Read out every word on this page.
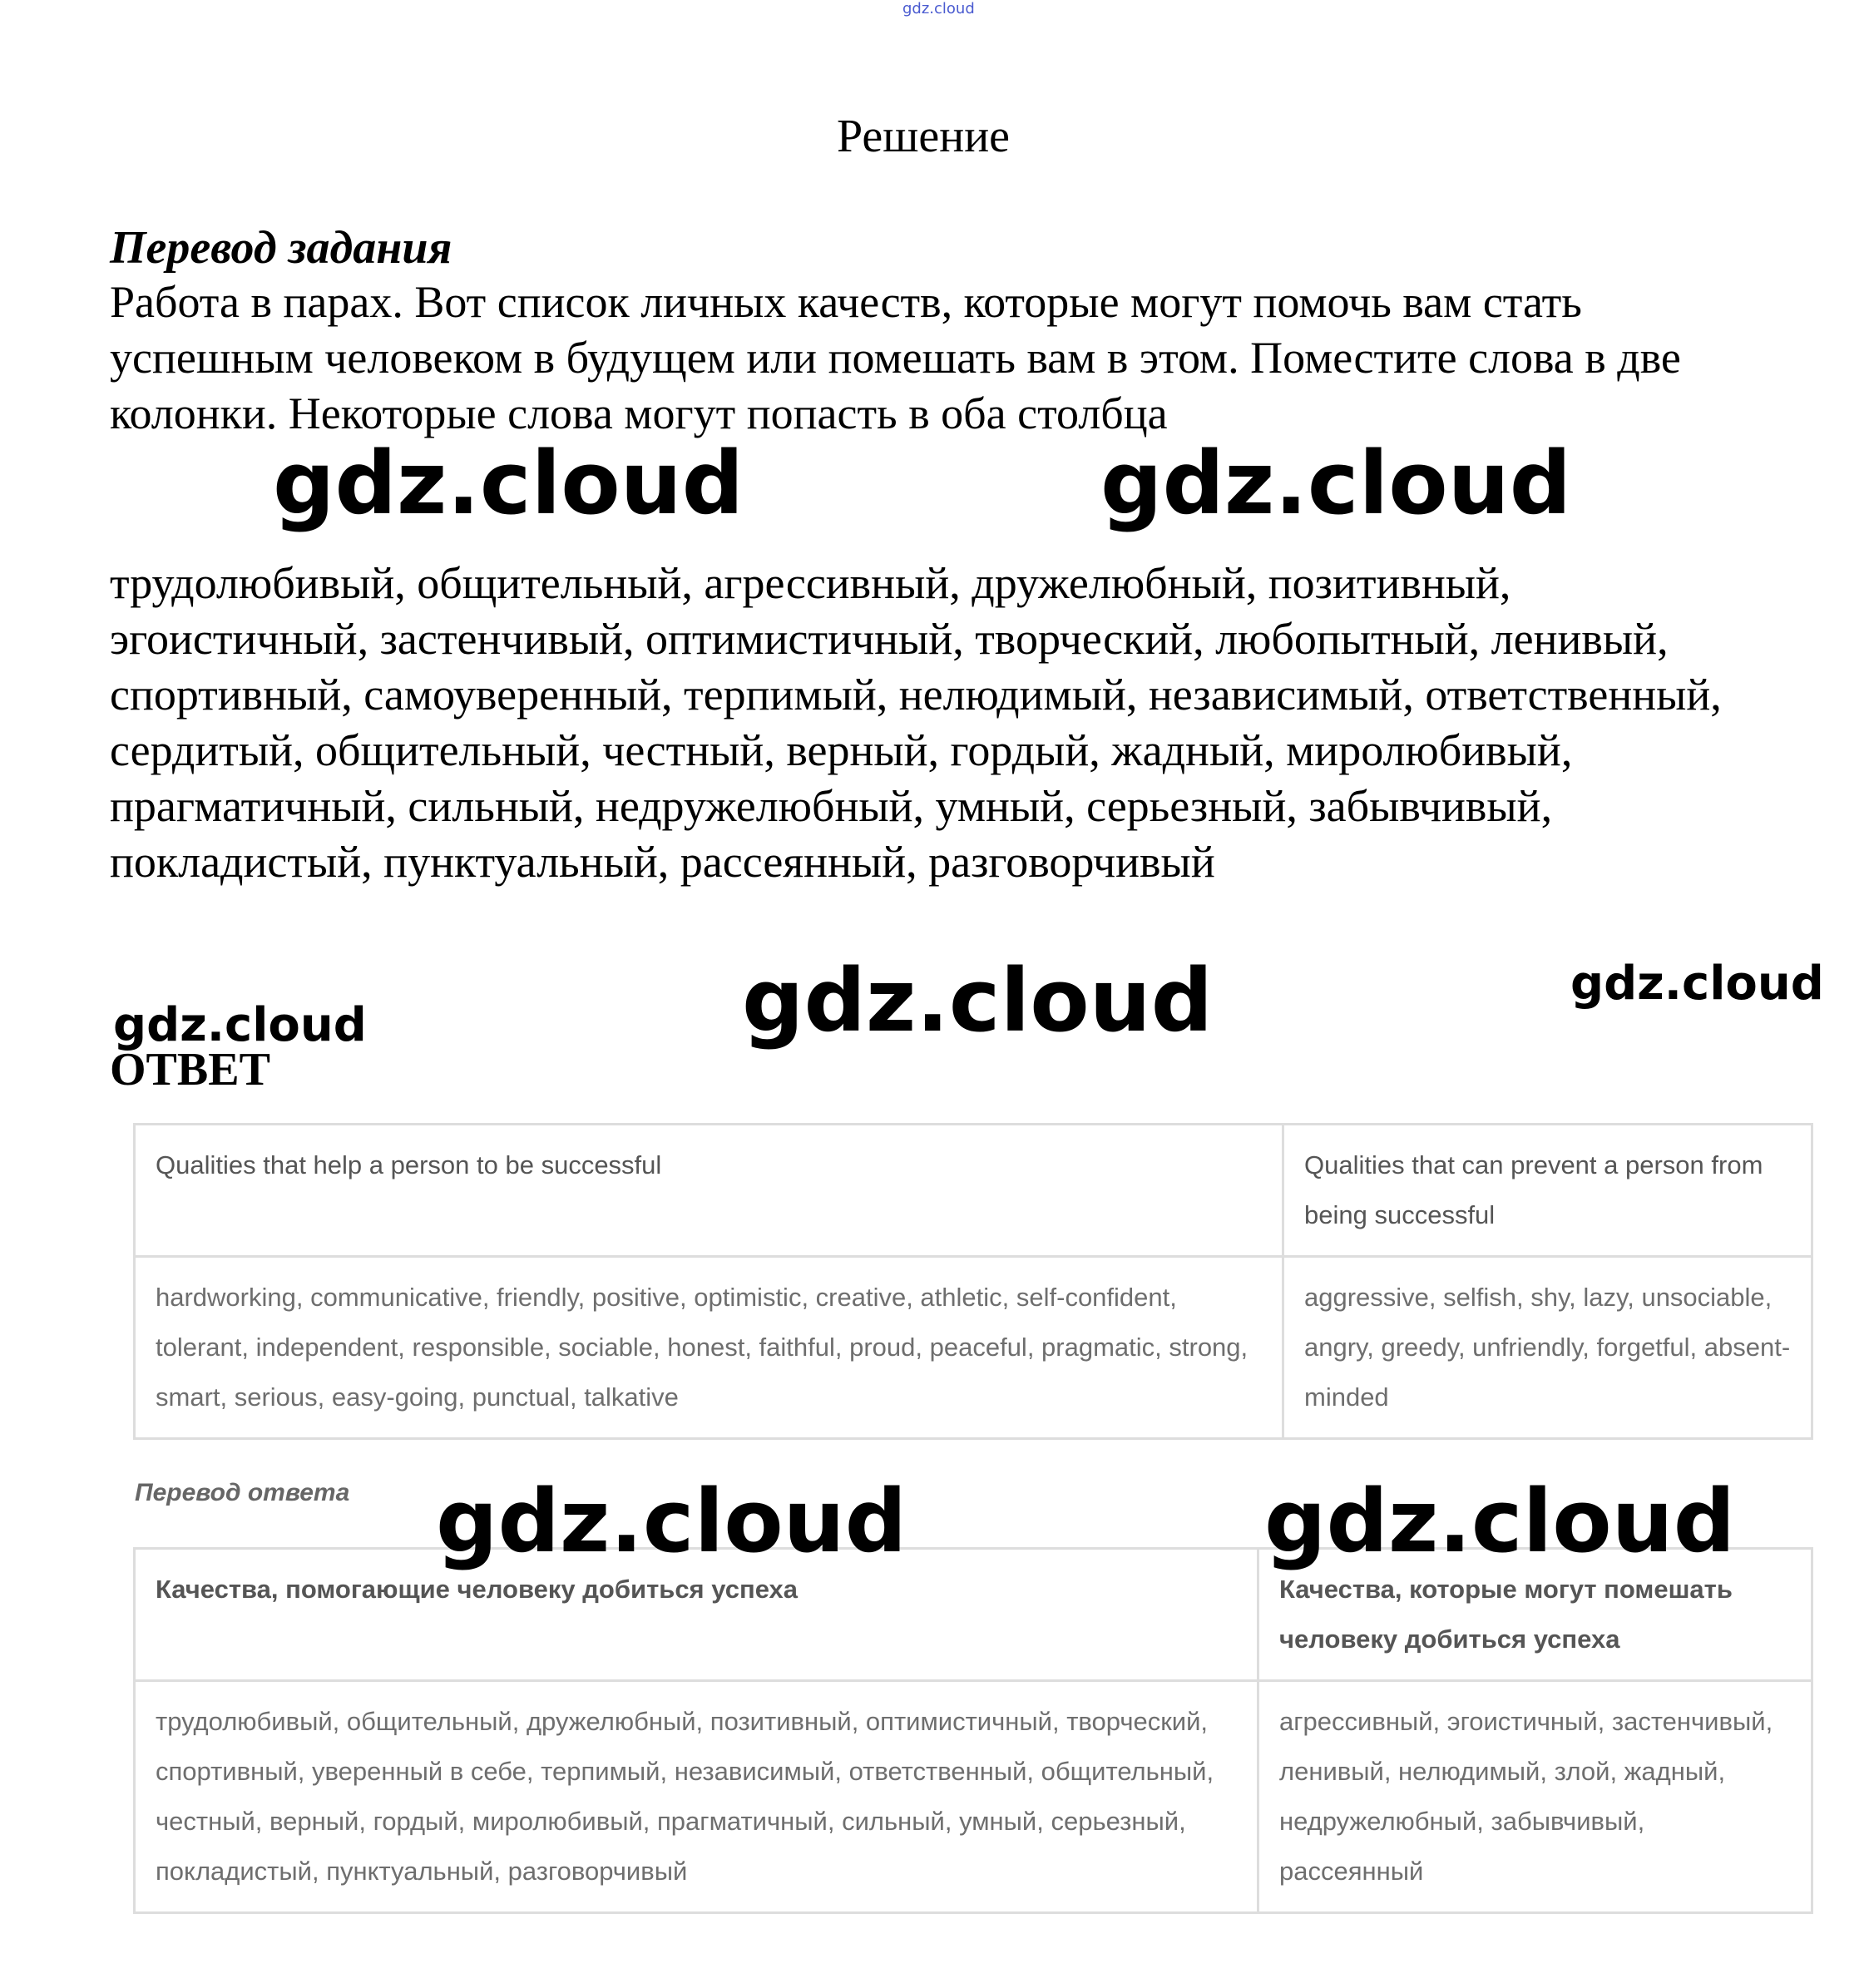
gdz.cloud
Решение
Перевод задания
Работа в парах. Вот список личных качеств, которые могут помочь вам стать успешным человеком в будущем или помешать вам в этом. Поместите слова в две колонки. Некоторые слова могут попасть в оба столбца
трудолюбивый, общительный, агрессивный, дружелюбный, позитивный, эгоистичный, застенчивый, оптимистичный, творческий, любопытный, ленивый, спортивный, самоуверенный, терпимый, нелюдимый, независимый, ответственный, сердитый, общительный, честный, верный, гордый, жадный, миролюбивый, прагматичный, сильный, недружелюбный, умный, серьезный, забывчивый, покладистый, пунктуальный, рассеянный, разговорчивый
ОТВЕТ
Qualities that help a person to be successful	Qualities that can prevent a person from being successful
hardworking, communicative, friendly, positive, optimistic, creative, athletic, self-confident, tolerant, independent, responsible, sociable, honest, faithful, proud, peaceful, pragmatic, strong, smart, serious, easy-going, punctual, talkative	aggressive, selfish, shy, lazy, unsociable, angry, greedy, unfriendly, forgetful, absent-minded
Перевод ответа
Качества, помогающие человеку добиться успеха	Качества, которые могут помешать человеку добиться успеха
трудолюбивый, общительный, дружелюбный, позитивный, оптимистичный, творческий, спортивный, уверенный в себе, терпимый, независимый, ответственный, общительный, честный, верный, гордый, миролюбивый, прагматичный, сильный, умный, серьезный, покладистый, пунктуальный, разговорчивый	агрессивный, эгоистичный, застенчивый, ленивый, нелюдимый, злой, жадный, недружелюбный, забывчивый, рассеянный
gdz.cloud	gdz.cloud
gdz.cloud	gdz.cloud
gdz.cloud
gdz.cloud	gdz.cloud
